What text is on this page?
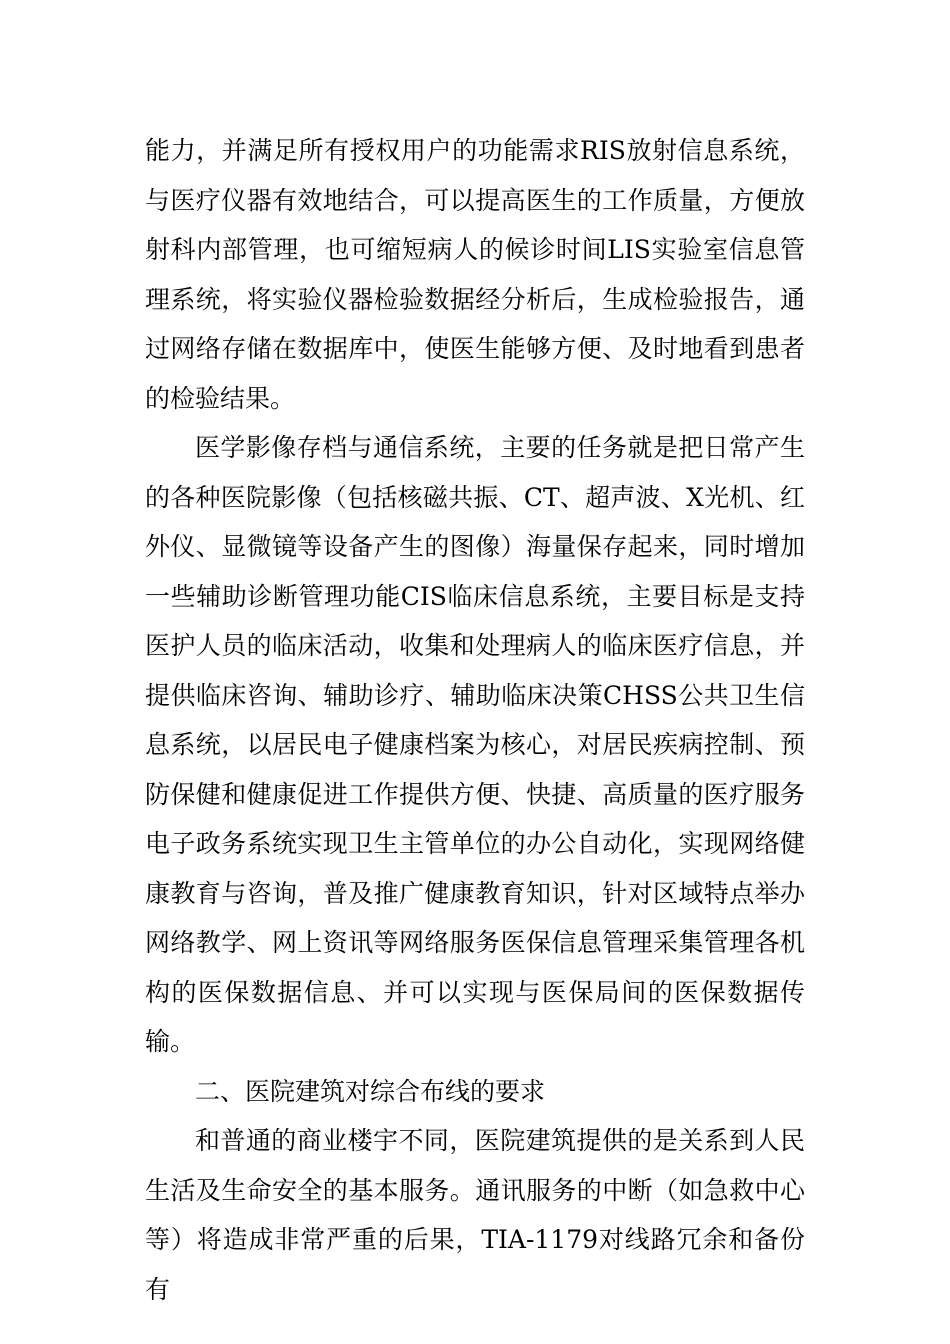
能力，并满足所有授权用户的功能需求RIS放射信息系统，与医疗仪器有效地结合，可以提高医生的工作质量，方便放射科内部管理，也可缩短病人的候诊时间LIS实验室信息管理系统，将实验仪器检验数据经分析后，生成检验报告，通过网络存储在数据库中，使医生能够方便、及时地看到患者的检验结果。

医学影像存档与通信系统，主要的任务就是把日常产生的各种医院影像（包括核磁共振、CT、超声波、X光机、红外仪、显微镜等设备产生的图像）海量保存起来，同时增加一些辅助诊断管理功能CIS临床信息系统，主要目标是支持医护人员的临床活动，收集和处理病人的临床医疗信息，并提供临床咨询、辅助诊疗、辅助临床决策CHSS公共卫生信息系统，以居民电子健康档案为核心，对居民疾病控制、预防保健和健康促进工作提供方便、快捷、高质量的医疗服务电子政务系统实现卫生主管单位的办公自动化，实现网络健康教育与咨询，普及推广健康教育知识，针对区域特点举办网络教学、网上资讯等网络服务医保信息管理采集管理各机构的医保数据信息、并可以实现与医保局间的医保数据传输。

二、医院建筑对综合布线的要求

和普通的商业楼宇不同，医院建筑提供的是关系到人民生活及生命安全的基本服务。通讯服务的中断（如急救中心等）将造成非常严重的后果，TIA-1179对线路冗余和备份有
